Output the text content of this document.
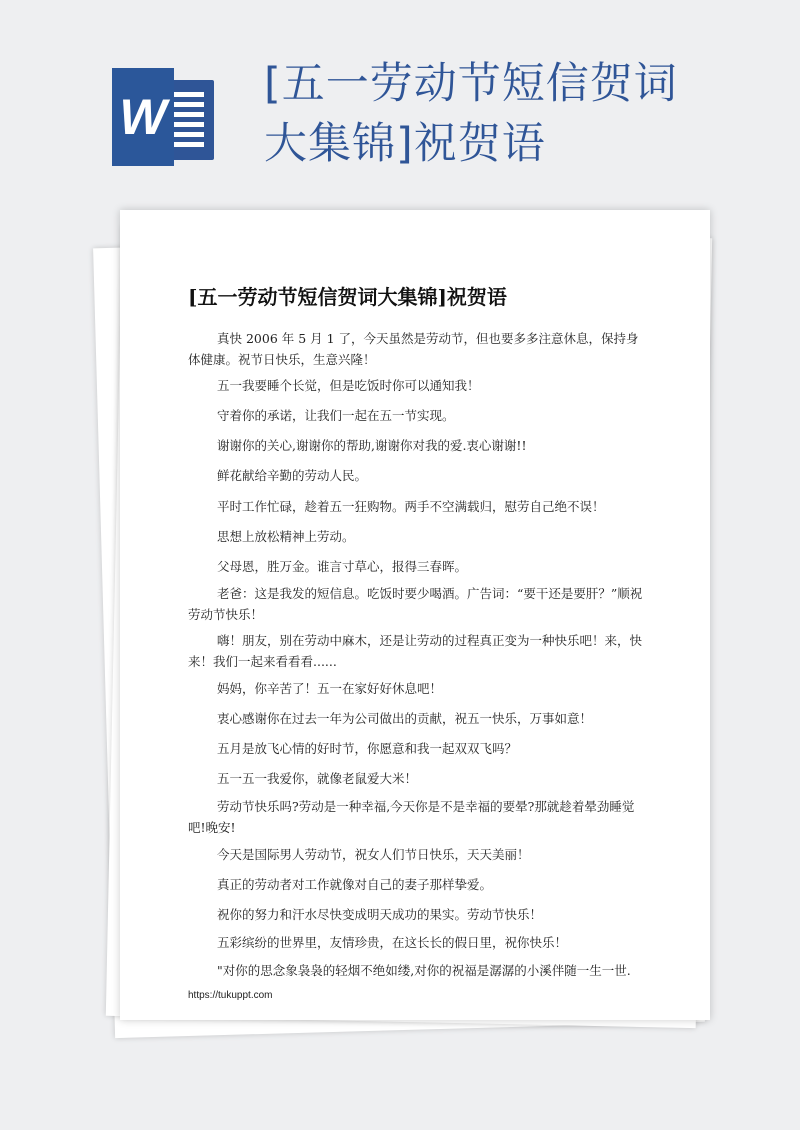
W
[五一劳动节短信贺词大集锦]祝贺语
[五一劳动节短信贺词大集锦]祝贺语

真快 2006 年 5 月 1 了，今天虽然是劳动节，但也要多多注意休息，保持身体健康。祝节日快乐，生意兴隆！

五一我要睡个长觉，但是吃饭时你可以通知我！

守着你的承诺，让我们一起在五一节实现。

谢谢你的关心,谢谢你的帮助,谢谢你对我的爱.衷心谢谢!!

鲜花献给辛勤的劳动人民。

平时工作忙碌，趁着五一狂购物。两手不空满载归，慰劳自己绝不误！

思想上放松精神上劳动。

父母恩，胜万金。谁言寸草心，报得三春晖。

老爸：这是我发的短信息。吃饭时要少喝酒。广告词：“要干还是要肝？”顺祝劳动节快乐！

嗨！朋友，别在劳动中麻木，还是让劳动的过程真正变为一种快乐吧！来，快来！我们一起来看看看......

妈妈，你辛苦了！五一在家好好休息吧！

衷心感谢你在过去一年为公司做出的贡献，祝五一快乐，万事如意！

五月是放飞心情的好时节，你愿意和我一起双双飞吗？

五一五一我爱你，就像老鼠爱大米！

劳动节快乐吗?劳动是一种幸福,今天你是不是幸福的要晕?那就趁着晕劲睡觉吧!晚安!

今天是国际男人劳动节，祝女人们节日快乐，天天美丽！

真正的劳动者对工作就像对自己的妻子那样挚爱。

祝你的努力和汗水尽快变成明天成功的果实。劳动节快乐！

五彩缤纷的世界里，友情珍贵，在这长长的假日里，祝你快乐！

"对你的思念象袅袅的轻烟不绝如缕,对你的祝福是潺潺的小溪伴随一生一世.

https://tukuppt.com
